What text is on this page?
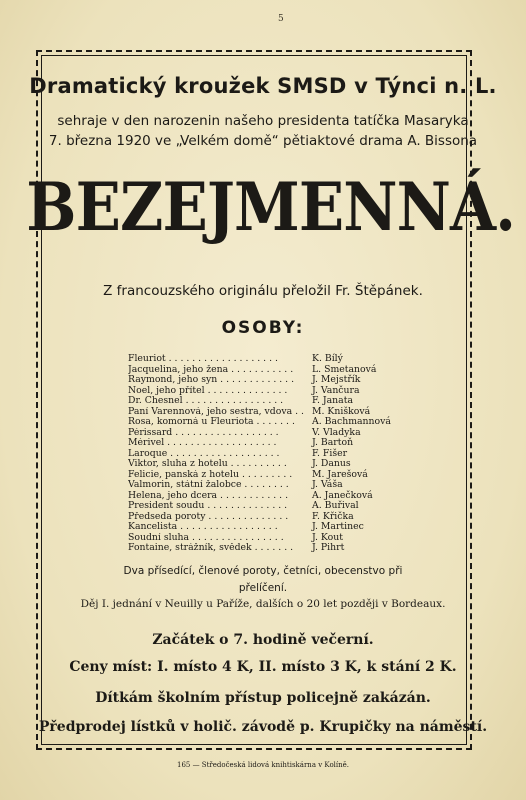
5
Dramatický kroužek SMSD v Týnci n. L.
sehraje v den narozenin našeho presidenta tatíčka Masaryka
7. března 1920 ve „Velkém domě“ pětiaktové drama A. Bissona
BEZEJMENNÁ.
Z francouzského originálu přeložil Fr. Štěpánek.
OSOBY:
Fleuriot . . . . . . . . . . . . . . . . . . .	K. Bílý
Jacquelina, jeho žena . . . . . . . . . . .	L. Smetanová
Raymond, jeho syn . . . . . . . . . . . . .	J. Mejstřík
Noel, jeho přítel . . . . . . . . . . . . . .	J. Vančura
Dr. Chesnel . . . . . . . . . . . . . . . . .	F. Janata
Paní Varennová, jeho sestra, vdova . . M. Knišková
Rosa, komorná u Fleuriota . . . . . . .	A. Bachmannová
Périssard . . . . . . . . . . . . . . . . . .	V. Vladyka
Mérivel . . . . . . . . . . . . . . . . . . .	J. Bartoň
Laroque . . . . . . . . . . . . . . . . . . .	F. Fišer
Viktor, sluha z hotelu . . . . . . . . . .	J. Danus
Felicie, panská z hotelu . . . . . . . . .	M. Jarešová
Valmorin, státní žalobce . . . . . . . .	J. Váša
Helena, jeho dcera . . . . . . . . . . . .	A. Janečková
President soudu . . . . . . . . . . . . . .	A. Buřival
Předseda poroty . . . . . . . . . . . . . .	F. Křička
Kancelista . . . . . . . . . . . . . . . . .	J. Martinec
Soudní sluha . . . . . . . . . . . . . . . .	J. Kout
Fontaine, strážník, svědek . . . . . . .	J. Pihrt
Dva přísedící, členové poroty, četníci, obecenstvo při
přelíčení.
Děj I. jednání v Neuilly u Paříže, dalších o 20 let později v Bordeaux.
Začátek o 7. hodině večerní.
Ceny míst: I. místo 4 K, II. místo 3 K, k stání 2 K.
Dítkám školním přístup policejně zakázán.
Předprodej lístků v holič. závodě p. Krupičky na náměstí.
165 — Středočeská lidová knihtiskárna v Kolíně.
